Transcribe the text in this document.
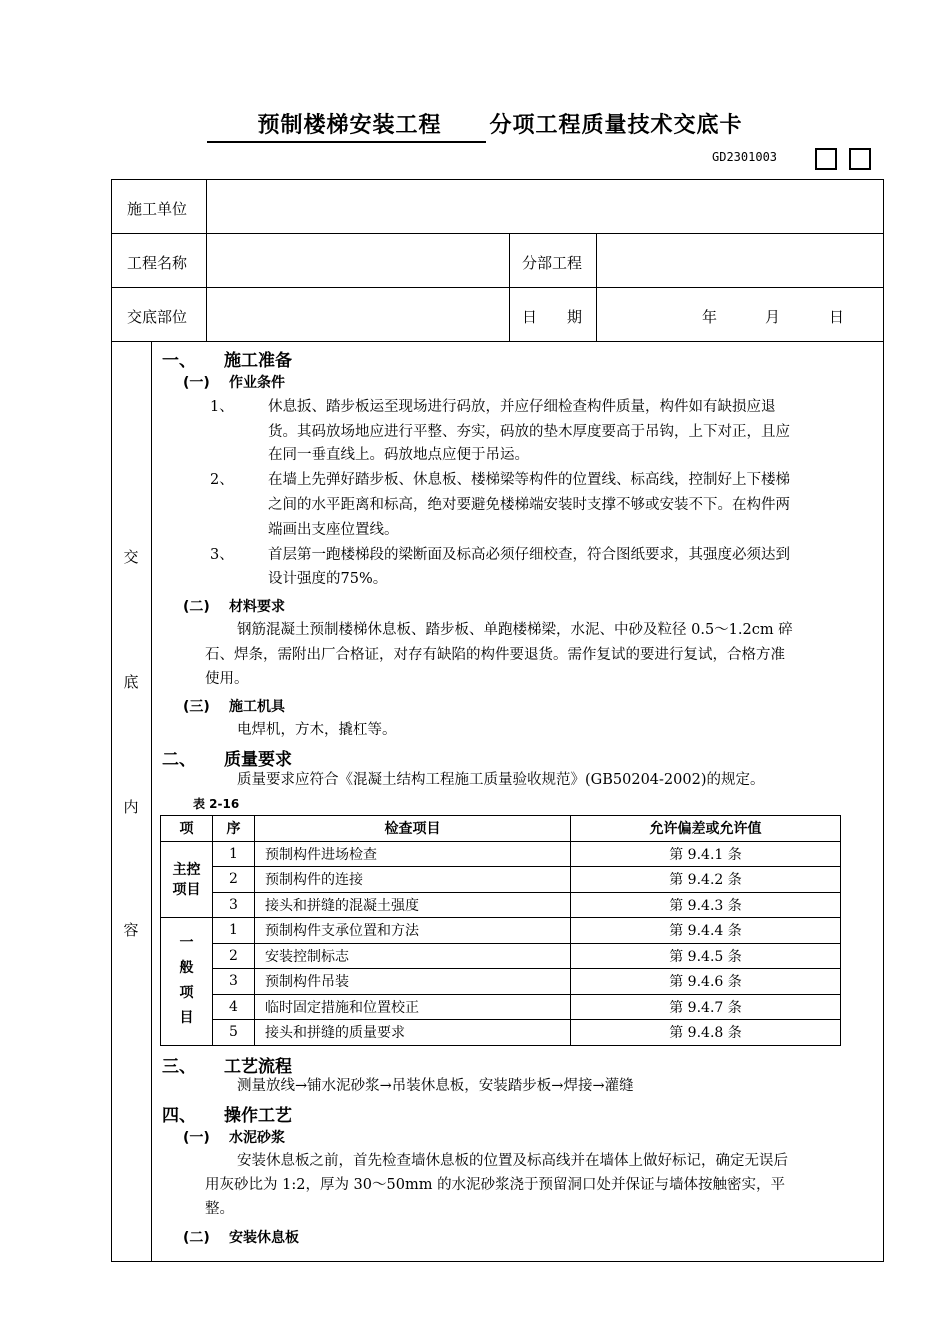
预制楼梯安装工程 分项工程质量技术交底卡
GD2301003
施工单位
工程名称	分部工程
交底部位	日　　期	年	月	日
交
底
内
容
一、 施工准备
(一) 作业条件
1、 休息扳、踏步板运至现场进行码放，并应仔细检查构件质量，构件如有缺损应退
货。其码放场地应进行平整、夯实，码放的垫木厚度要高于吊钩，上下对正，且应
在同一垂直线上。码放地点应便于吊运。
2、 在墙上先弹好踏步板、休息板、楼梯梁等构件的位置线、标高线，控制好上下楼梯
之间的水平距离和标高，绝对要避免楼梯端安装时支撑不够或安装不下。在构件两
端画出支座位置线。
3、 首层第一跑楼梯段的梁断面及标高必须仔细校查，符合图纸要求，其强度必须达到
设计强度的75%。
(二) 材料要求
钢筋混凝土预制楼梯休息板、踏步板、单跑楼梯梁，水泥、中砂及粒径 0.5～1.2cm 碎
石、焊条，需附出厂合格证，对存有缺陷的构件要退货。需作复试的要进行复试，合格方准
使用。
(三) 施工机具
电焊机，方木，撬杠等。
二、 质量要求
质量要求应符合《混凝土结构工程施工质量验收规范》(GB50204-2002)的规定。
表 2-16
项	序	检查项目	允许偏差或允许值
主控项目	1	预制构件进场检查	第 9.4.1 条
	2	预制构件的连接	第 9.4.2 条
	3	接头和拼缝的混凝土强度	第 9.4.3 条
一般项目	1	预制构件支承位置和方法	第 9.4.4 条
	2	安装控制标志	第 9.4.5 条
	3	预制构件吊装	第 9.4.6 条
	4	临时固定措施和位置校正	第 9.4.7 条
	5	接头和拼缝的质量要求	第 9.4.8 条
三、 工艺流程
测量放线→铺水泥砂浆→吊装休息板，安装踏步板→焊接→灌缝
四、 操作工艺
(一) 水泥砂浆
安装休息板之前，首先检查墙休息板的位置及标高线并在墙体上做好标记，确定无误后
用灰砂比为 1:2，厚为 30～50mm 的水泥砂浆浇于预留洞口处并保证与墙体按触密实，平
整。
(二) 安装休息板
